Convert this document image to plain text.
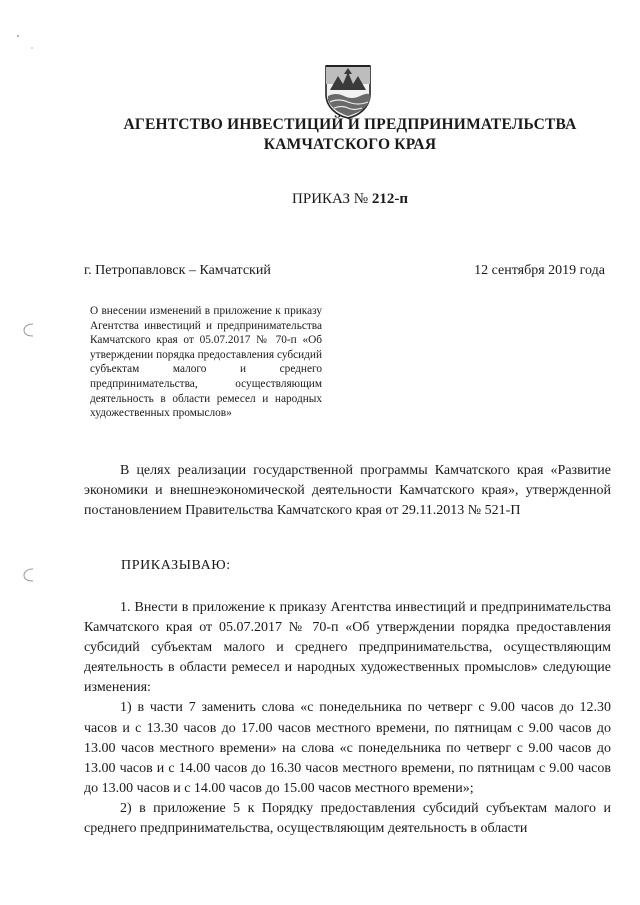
АГЕНТСТВО ИНВЕСТИЦИЙ И ПРЕДПРИНИМАТЕЛЬСТВА
КАМЧАТСКОГО КРАЯ
ПРИКАЗ № 212-п
г. Петропавловск – Камчатский	12 сентября 2019 года
О внесении изменений в приложение к приказу Агентства инвестиций и предпринимательства Камчатского края от 05.07.2017 № 70-п «Об утверждении порядка предоставления субсидий субъектам малого и среднего предпринимательства, осуществляющим деятельность в области ремесел и народных художественных промыслов»
В целях реализации государственной программы Камчатского края «Развитие экономики и внешнеэкономической деятельности Камчатского края», утвержденной постановлением Правительства Камчатского края от 29.11.2013 № 521-П
ПРИКАЗЫВАЮ:

1. Внести в приложение к приказу Агентства инвестиций и предпринимательства Камчатского края от 05.07.2017 № 70-п «Об утверждении порядка предоставления субсидий субъектам малого и среднего предпринимательства, осуществляющим деятельность в области ремесел и народных художественных промыслов» следующие изменения:

1) в части 7 заменить слова «с понедельника по четверг с 9.00 часов до 12.30 часов и с 13.30 часов до 17.00 часов местного времени, по пятницам с 9.00 часов до 13.00 часов местного времени» на слова «с понедельника по четверг с 9.00 часов до 13.00 часов и с 14.00 часов до 16.30 часов местного времени, по пятницам с 9.00 часов до 13.00 часов и с 14.00 часов до 15.00 часов местного времени»;

2) в приложение 5 к Порядку предоставления субсидий субъектам малого и среднего предпринимательства, осуществляющим деятельность в области
